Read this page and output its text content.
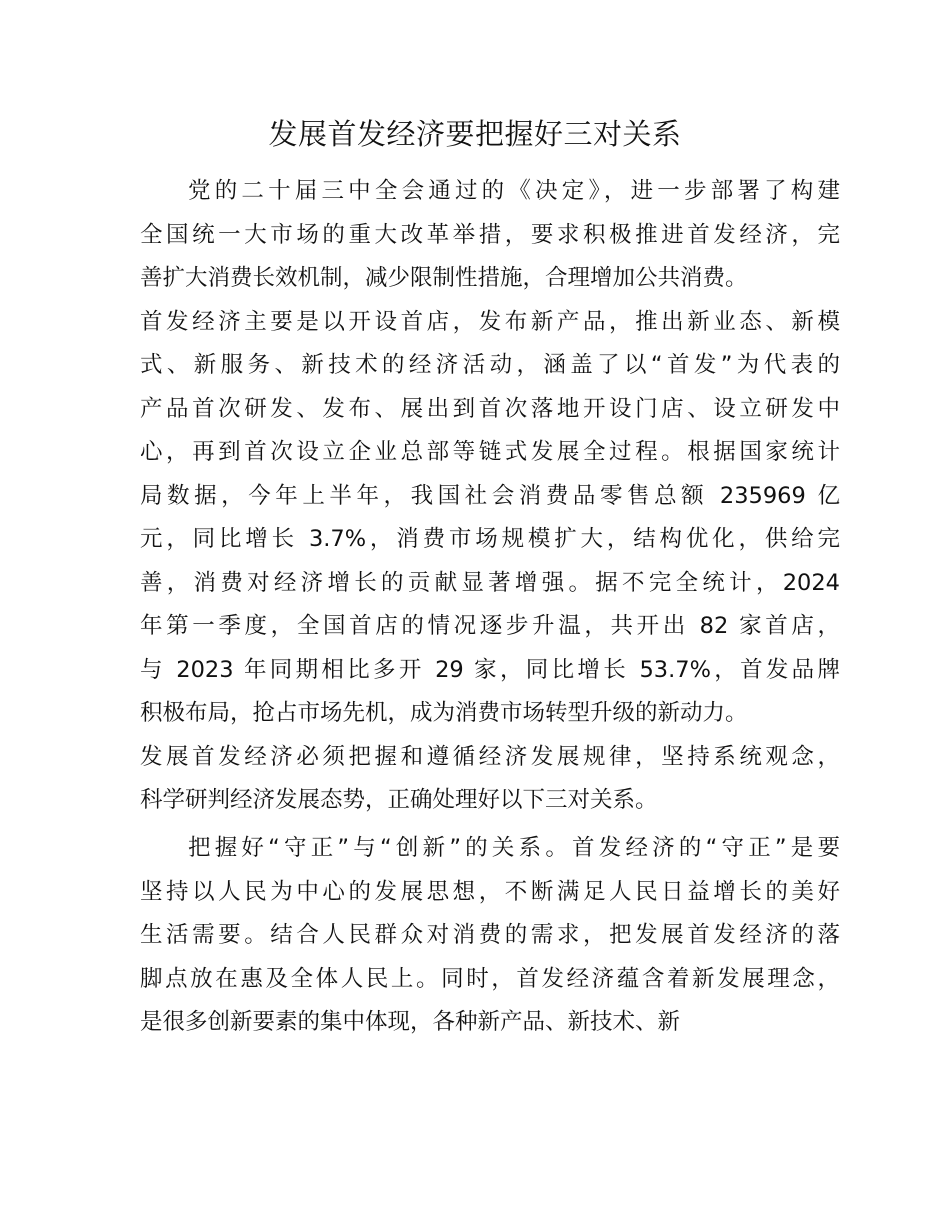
发展首发经济要把握好三对关系
党的二十届三中全会通过的《决定》，进一步部署了构建
全国统一大市场的重大改革举措，要求积极推进首发经济，完
善扩大消费长效机制，减少限制性措施，合理增加公共消费。
首发经济主要是以开设首店，发布新产品，推出新业态、新模
式、新服务、新技术的经济活动，涵盖了以“首发”为代表的
产品首次研发、发布、展出到首次落地开设门店、设立研发中
心，再到首次设立企业总部等链式发展全过程。根据国家统计
局数据，今年上半年，我国社会消费品零售总额 235969 亿
元，同比增长 3.7%，消费市场规模扩大，结构优化，供给完
善，消费对经济增长的贡献显著增强。据不完全统计，2024
年第一季度，全国首店的情况逐步升温，共开出 82 家首店，
与 2023 年同期相比多开 29 家，同比增长 53.7%，首发品牌
积极布局，抢占市场先机，成为消费市场转型升级的新动力。
发展首发经济必须把握和遵循经济发展规律，坚持系统观念，
科学研判经济发展态势，正确处理好以下三对关系。
把握好“守正”与“创新”的关系。首发经济的“守正”是要
坚持以人民为中心的发展思想，不断满足人民日益增长的美好
生活需要。结合人民群众对消费的需求，把发展首发经济的落
脚点放在惠及全体人民上。同时，首发经济蕴含着新发展理念，
是很多创新要素的集中体现，各种新产品、新技术、新
